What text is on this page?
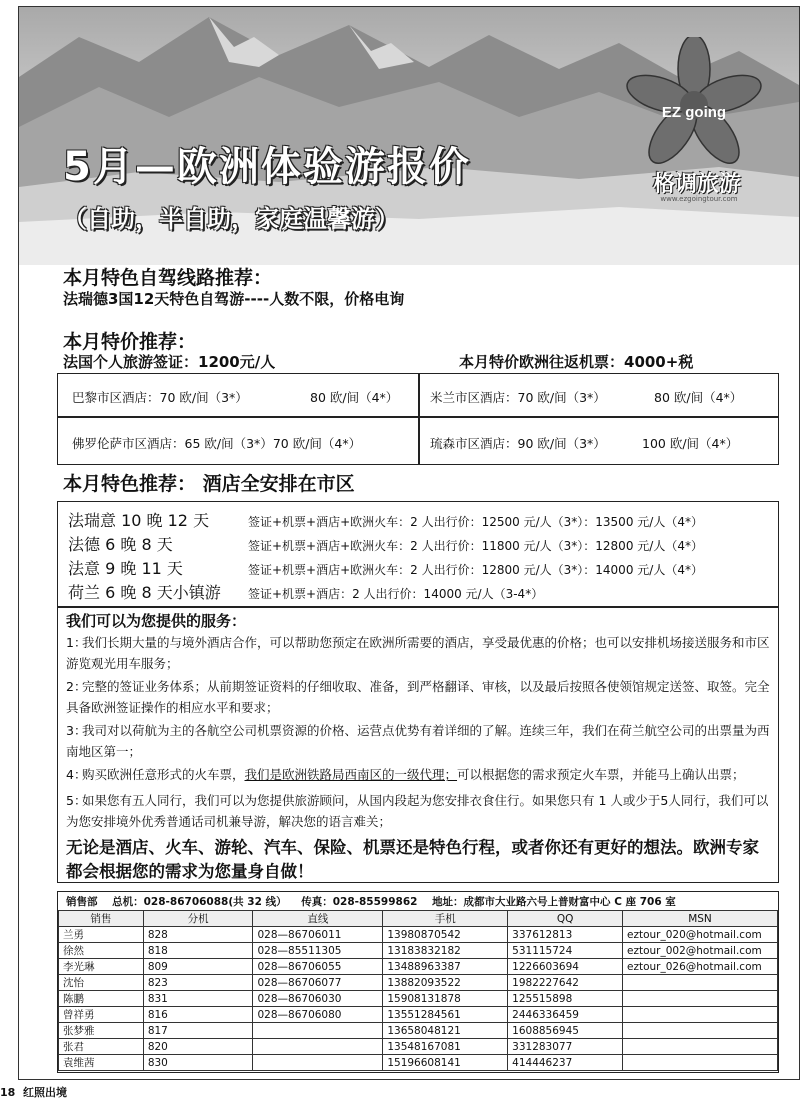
EZ going
格调旅游
www.ezgoingtour.com
5月—欧洲体验游报价
（自助，半自助，家庭温馨游）
本月特色自驾线路推荐：
法瑞德3国12天特色自驾游----人数不限，价格电询
本月特价推荐：
法国个人旅游签证：1200元/人	本月特价欧洲往返机票：4000+税
巴黎市区酒店：70 欧/间（3*）	80 欧/间（4*）	米兰市区酒店：70 欧/间（3*）	80 欧/间（4*）
佛罗伦萨市区酒店：65 欧/间（3*）70 欧/间（4*）	琉森市区酒店：90 欧/间（3*）	100 欧/间（4*）
本月特色推荐： 酒店全安排在市区
法瑞意 10 晚 12 天	签证+机票+酒店+欧洲火车：2 人出行价：12500 元/人（3*）：13500 元/人（4*）
法德 6 晚 8 天	签证+机票+酒店+欧洲火车：2 人出行价：11800 元/人（3*）：12800 元/人（4*）
法意 9 晚 11 天	签证+机票+酒店+欧洲火车：2 人出行价：12800 元/人（3*）：14000 元/人（4*）
荷兰 6 晚 8 天小镇游 签证+机票+酒店：2 人出行价：14000 元/人（3-4*）
我们可以为您提供的服务：
1：我们长期大量的与境外酒店合作，可以帮助您预定在欧洲所需要的酒店，享受最优惠的价格；也可以安排机场接送服务和市区游览观光用车服务；
2：完整的签证业务体系；从前期签证资料的仔细收取、准备，到严格翻译、审核，以及最后按照各使领馆规定送签、取签。完全具备欧洲签证操作的相应水平和要求；
3：我司对以荷航为主的各航空公司机票资源的价格、运营点优势有着详细的了解。连续三年，我们在荷兰航空公司的出票量为西南地区第一；
4：购买欧洲任意形式的火车票，我们是欧洲铁路局西南区的一级代理；可以根据您的需求预定火车票，并能马上确认出票；
5：如果您有五人同行，我们可以为您提供旅游顾问，从国内段起为您安排衣食住行。如果您只有 1 人或少于5人同行，我们可以为您安排境外优秀普通话司机兼导游，解决您的语言难关；
无论是酒店、火车、游轮、汽车、保险、机票还是特色行程，或者你还有更好的想法。欧洲专家都会根据您的需求为您量身自做！
销售部 总机：028-86706088(共 32 线） 传真：028-85599862 地址：成都市大业路六号上普财富中心 C 座 706 室
销售	分机	直线	手机	QQ	MSN
兰勇	828	028—86706011	13980870542	337612813	eztour_020@hotmail.com
徐然	818	028—85511305	13183832182	531115724	eztour_002@hotmail.com
李光琳	809	028—86706055	13488963387	1226603694	eztour_026@hotmail.com
沈怡	823	028—86706077	13882093522	1982227642	
陈鹏	831	028—86706030	15908131878	125515898	
曾祥勇	816	028—86706080	13551284561	2446336459	
张梦雅	817		13658048121	1608856945	
张君	820		13548167081	331283077	
袁维茜	830		15196608141	414446237	
18 红照出境
